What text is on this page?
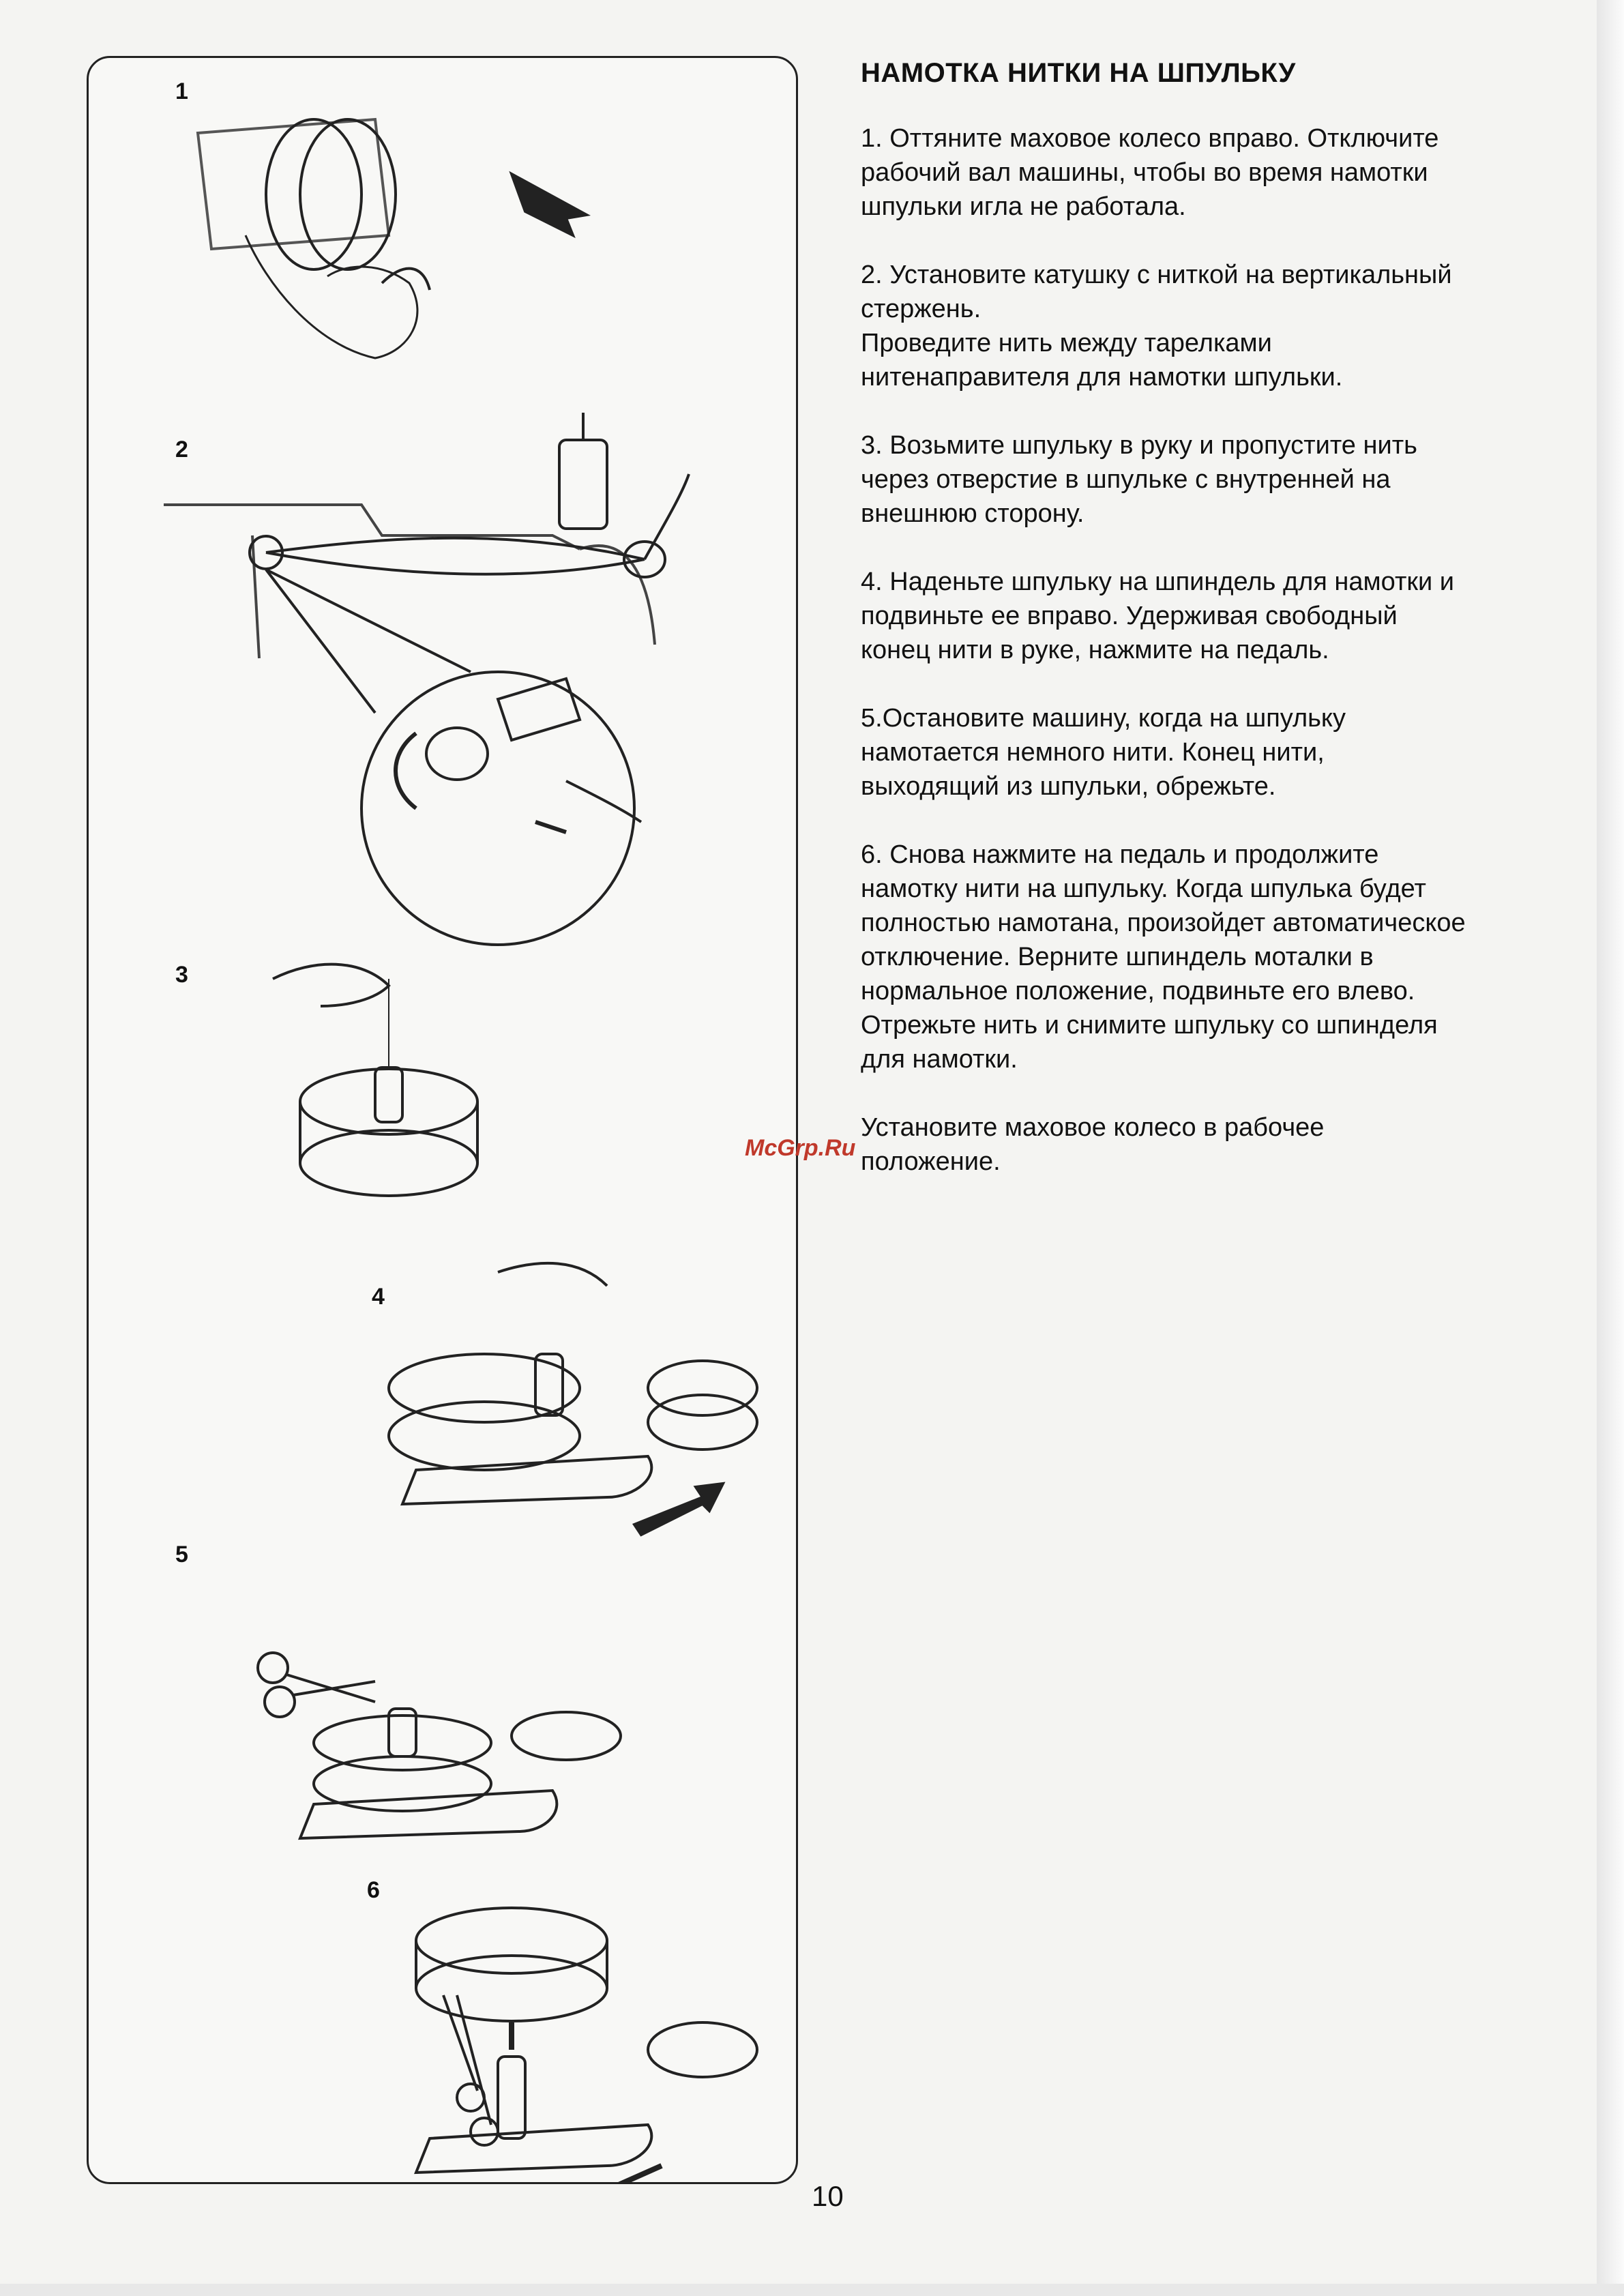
1
2
3
4
5
6
НАМОТКА НИТКИ НА ШПУЛЬКУ
1. Оттяните маховое колесо вправо. Отключите
рабочий вал машины, чтобы во время намотки
шпульки игла не работала.
2. Установите катушку с ниткой на вертикальный
стержень.
Проведите нить между тарелками
нитенаправителя для намотки шпульки.
3. Возьмите шпульку в руку и пропустите нить
через отверстие в шпульке с внутренней на
внешнюю сторону.
4. Наденьте шпульку на шпиндель для намотки и
подвиньте ее вправо. Удерживая свободный
конец нити в руке, нажмите на педаль.
5.Остановите машину, когда на шпульку
намотается немного нити. Конец нити,
выходящий из шпульки, обрежьте.
6. Снова нажмите на педаль и продолжите
намотку нити на шпульку. Когда шпулька будет
полностью намотана, произойдет автоматическое
отключение. Верните шпиндель моталки в
нормальное положение, подвиньте его влево.
Отрежьте нить и снимите шпульку со шпинделя
для намотки.
Установите маховое колесо в рабочее
положение.
McGrp.Ru
10
